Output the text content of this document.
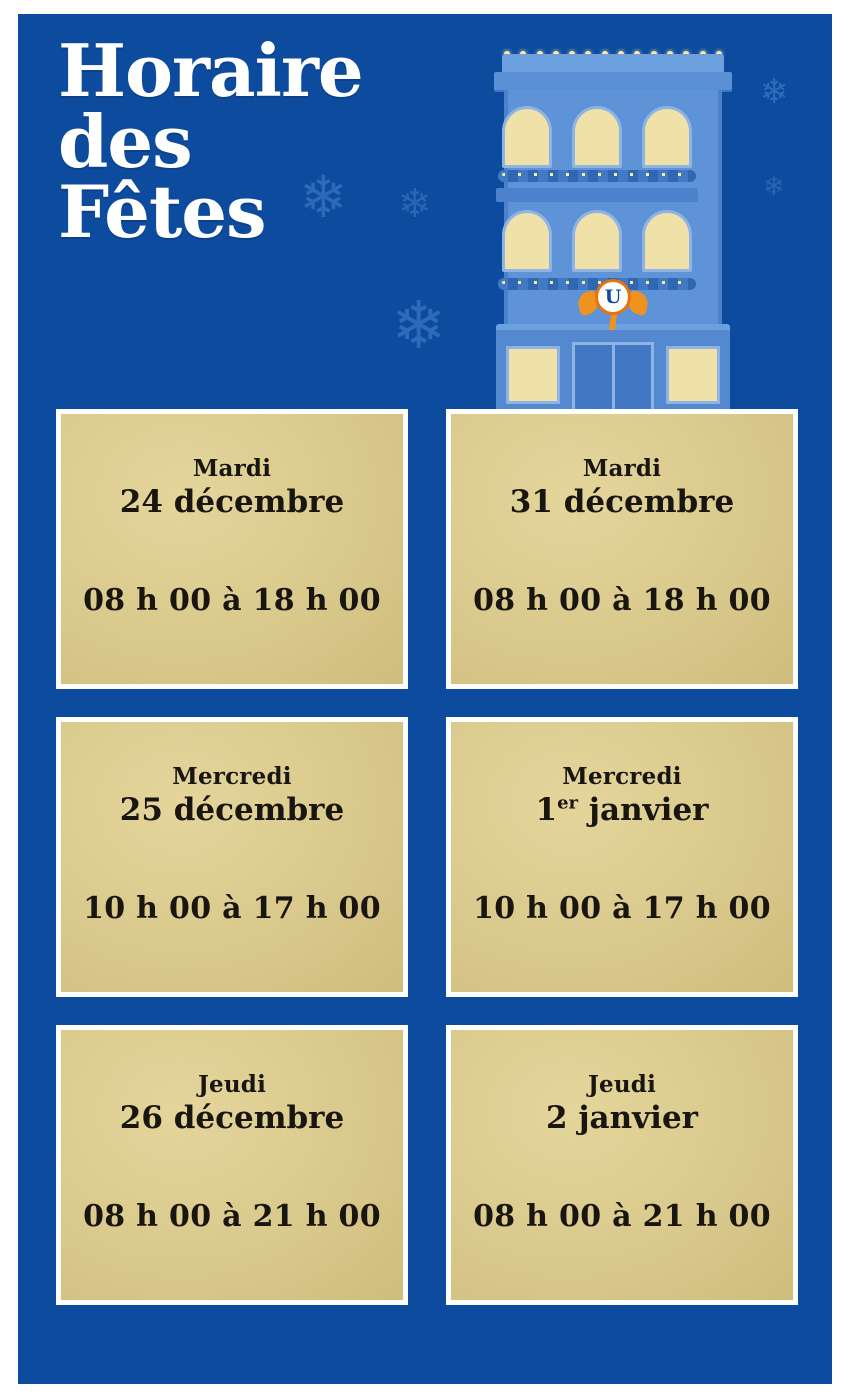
❄ ❄
❄
❄
❄
Horaire
des
Fêtes
U
Mardi
24 décembre
08 h 00 à 18 h 00
Mardi
31 décembre
08 h 00 à 18 h 00
Mercredi
25 décembre
10 h 00 à 17 h 00
Mercredi
1er janvier
10 h 00 à 17 h 00
Jeudi
26 décembre
08 h 00 à 21 h 00
Jeudi
2 janvier
08 h 00 à 21 h 00
